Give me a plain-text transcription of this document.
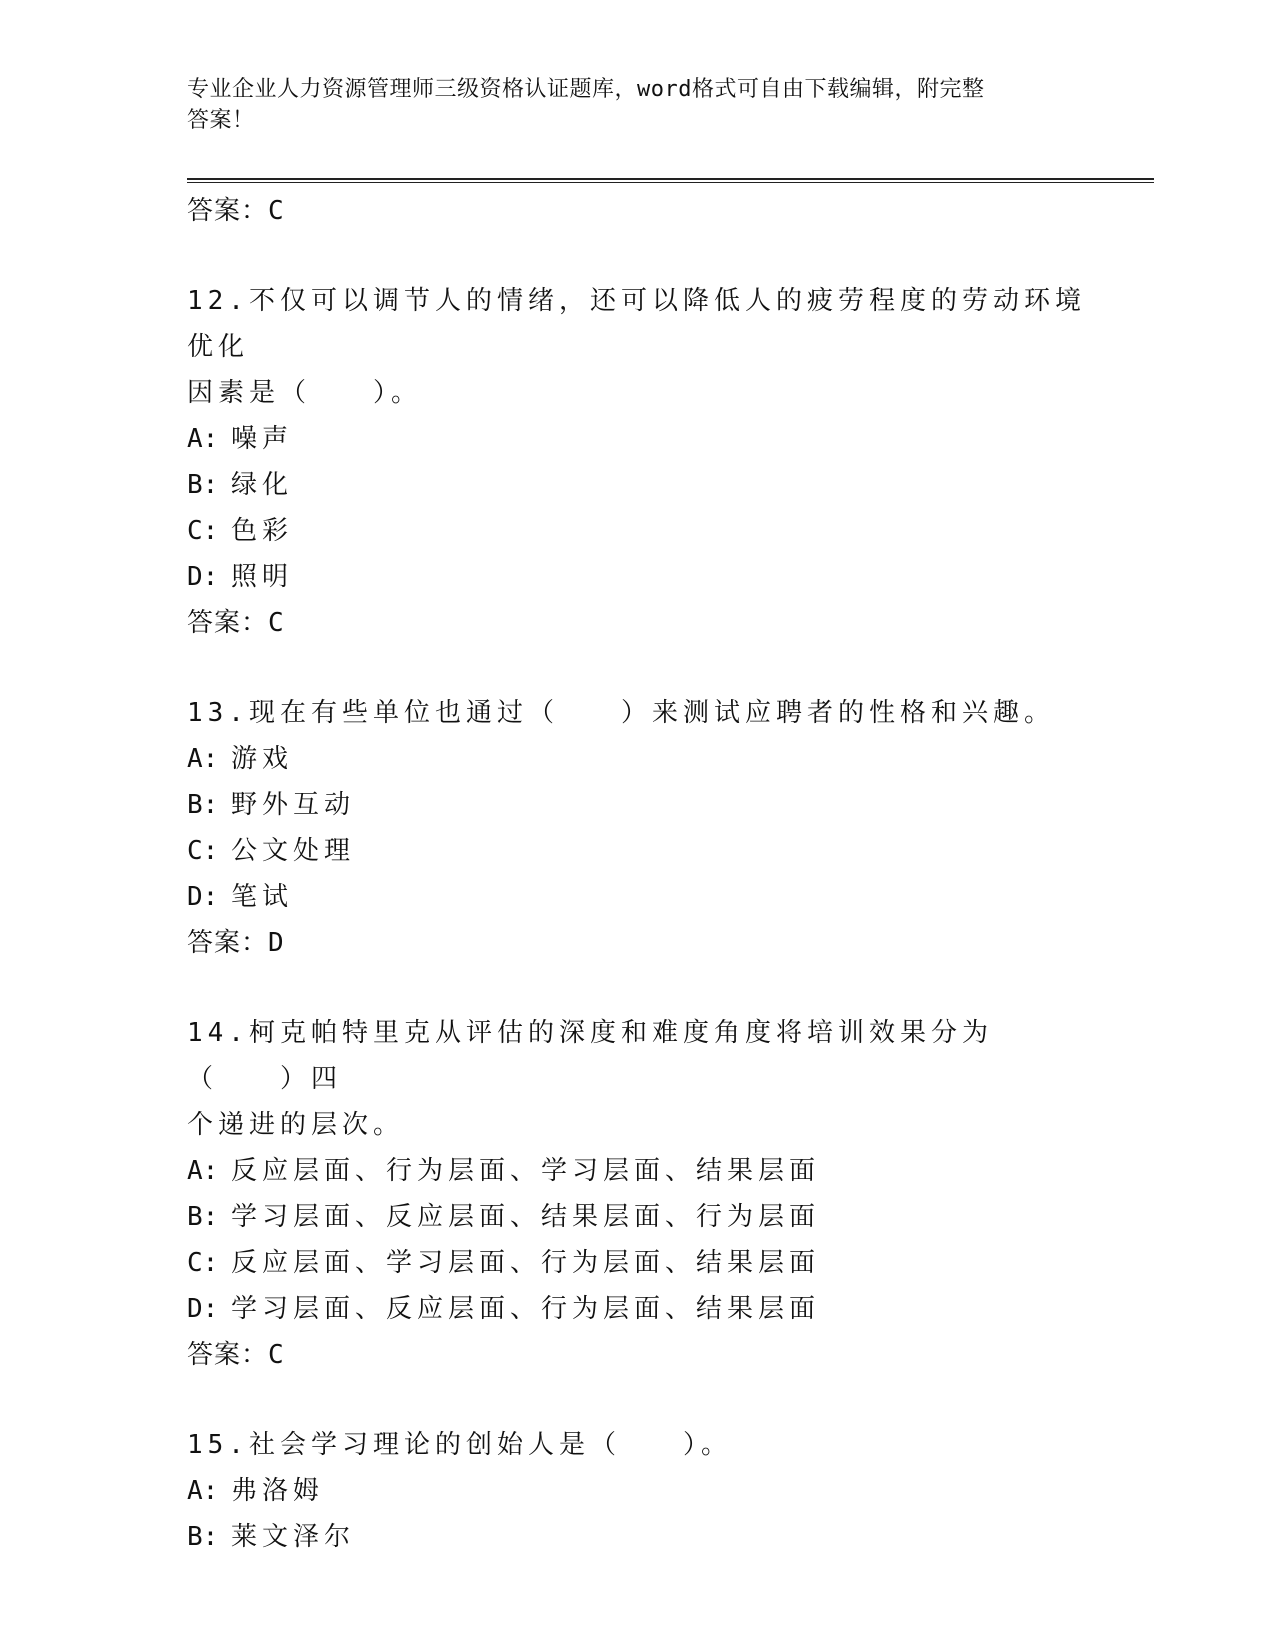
专业企业人力资源管理师三级资格认证题库，word格式可自由下载编辑，附完整
答案！
答案：C
12.不仅可以调节人的情绪，还可以降低人的疲劳程度的劳动环境优化
因素是（　　）。
A: 噪声
B: 绿化
C: 色彩
D: 照明
答案：C
13.现在有些单位也通过（　　）来测试应聘者的性格和兴趣。
A: 游戏
B: 野外互动
C: 公文处理
D: 笔试
答案：D
14.柯克帕特里克从评估的深度和难度角度将培训效果分为（　　）四
个递进的层次。
A: 反应层面、行为层面、学习层面、结果层面
B: 学习层面、反应层面、结果层面、行为层面
C: 反应层面、学习层面、行为层面、结果层面
D: 学习层面、反应层面、行为层面、结果层面
答案：C
15.社会学习理论的创始人是（　　）。
A: 弗洛姆
B: 莱文泽尔
